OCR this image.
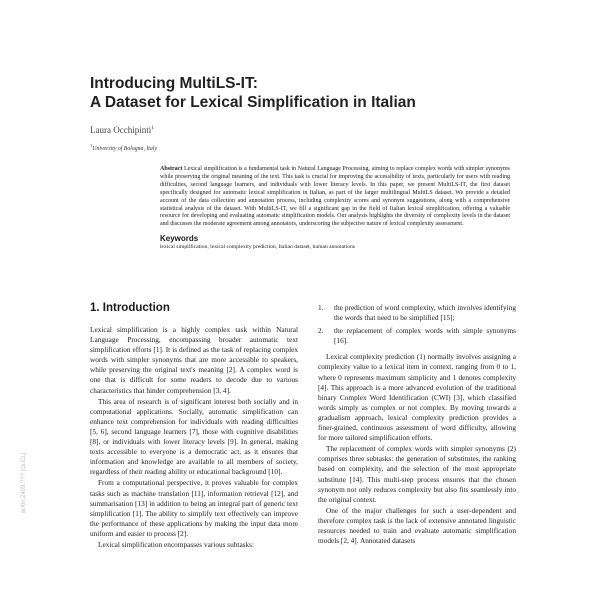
Introducing MultiLS-IT:
A Dataset for Lexical Simplification in Italian

Laura Occhipinti$^1$

$^1$University of Bologna, Italy

Abstract Lexical simplification is a fundamental task in Natural Language Processing, aiming to replace complex words with simpler synonyms while preserving the original meaning of the text. This task is crucial for improving the accessibility of texts, particularly for users with reading difficulties, second language learners, and individuals with lower literacy levels. In this paper, we present MultiLS-IT, the first dataset specifically designed for automatic lexical simplification in Italian, as part of the larger multilingual MultiLS dataset. We provide a detailed account of the data collection and annotation process, including complexity scores and synonym suggestions, along with a comprehensive statistical analysis of the dataset. With MultiLS-IT, we fill a significant gap in the field of Italian lexical simplification, offering a valuable resource for developing and evaluating automatic simplification models. Our analysis highlights the diversity of complexity levels in the dataset and discusses the moderate agreement among annotators, underscoring the subjective nature of lexical complexity assessment.

Keywords

lexical simplification, lexical complexity prediction, Italian dataset, human annotations

1. Introduction

Lexical simplification is a highly complex task within Natural Language Processing, encompassing broader automatic text simplification efforts [1]. It is defined as the task of replacing complex words with simpler synonyms that are more accessible to speakers, while preserving the original text's meaning [2]. A complex word is one that is difficult for some readers to decode due to various characteristics that hinder comprehension [3, 4].

This area of research is of significant interest both socially and in computational applications. Socially, automatic simplification can enhance text comprehension for individuals with reading difficulties [5, 6], second language learners [7], those with cognitive disabilities [8], or individuals with lower literacy levels [9]. In general, making texts accessible to everyone is a democratic act, as it ensures that information and knowledge are available to all members of society, regardless of their reading ability or educational background [10].

From a computational perspective, it proves valuable for complex tasks such as machine translation [11], information retrieval [12], and summarisation [13] in addition to being an integral part of generic text simplification [1]. The ability to simplify text effectively can improve the performance of these applications by making the input data more uniform and easier to process [2].

Lexical simplification encompasses various subtasks:

1. the prediction of word complexity, which involves identifying the words that need to be simplified [15];
2. the replacement of complex words with simple synonyms [16].

Lexical complexity prediction (1) normally involves assigning a complexity value to a lexical item in context, ranging from 0 to 1, where 0 represents maximum simplicity and 1 denotes complexity [4]. This approach is a more advanced evolution of the traditional binary Complex Word Identification (CWI) [3], which classified words simply as complex or not complex. By moving towards a gradualism approach, lexical complexity prediction provides a finer-grained, continuous assessment of word difficulty, allowing for more tailored simplification efforts.

The replacement of complex words with simpler synonyms (2) comprises three subtasks: the generation of substitutes, the ranking based on complexity, and the selection of the most appropriate substitute [14]. This multi-step process ensures that the chosen synonym not only reduces complexity but also fits seamlessly into the original context.

One of the major challenges for such a user-dependent and therefore complex task is the lack of extensive annotated linguistic resources needed to train and evaluate automatic simplification models [2, 4]. Annotated datasets

arXiv:2409.??? [cs.CL]
